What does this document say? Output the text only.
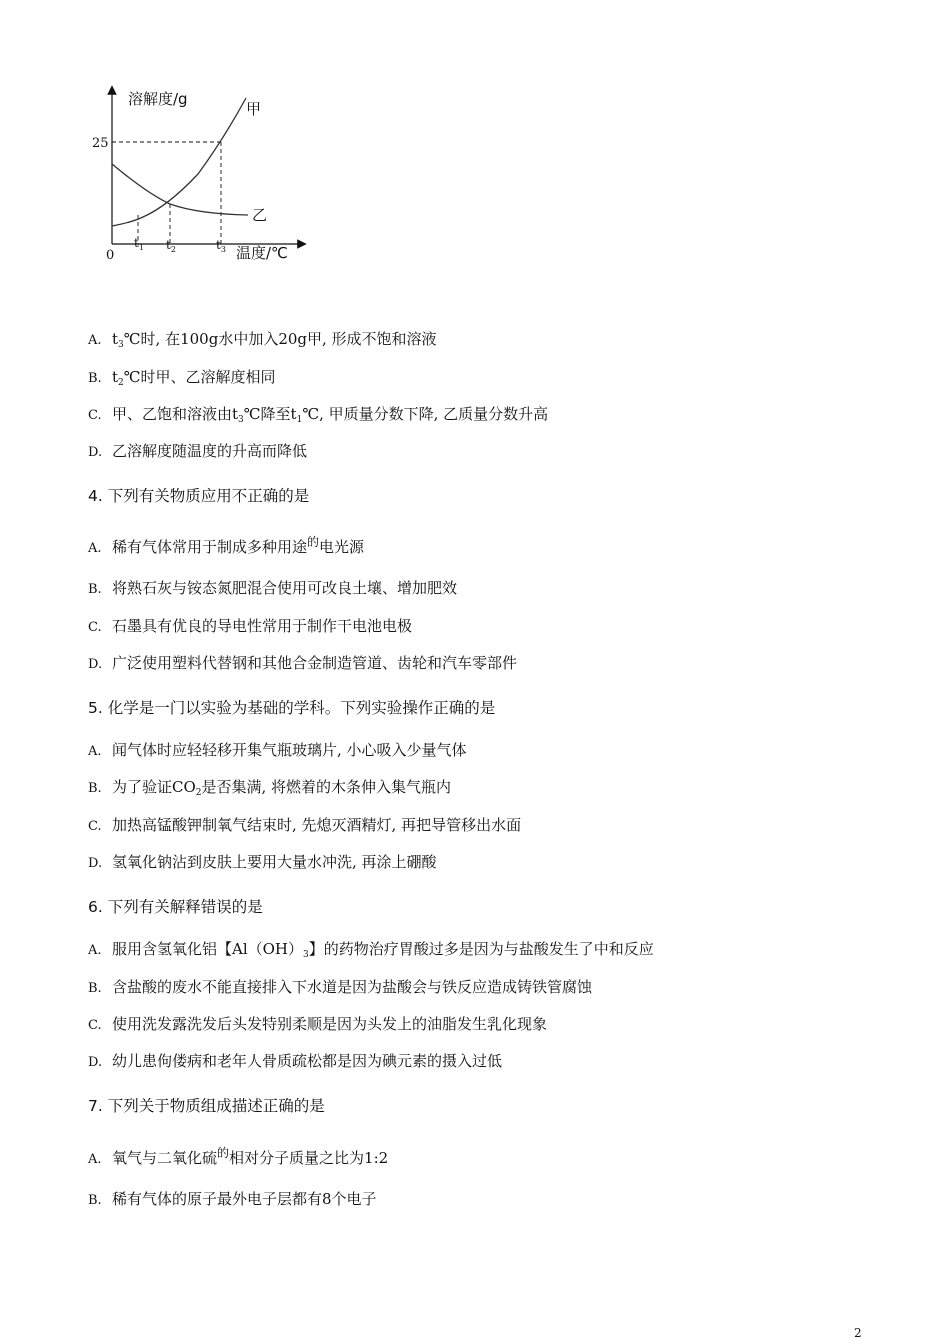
溶解度/g
25
0
甲
乙
$t_1$ $t_2$	$t_3$ 温度/℃
A. $t_3℃$时, 在100g水中加入20g甲, 形成不饱和溶液
B. $t_2℃$时甲、乙溶解度相同
C. 甲、乙饱和溶液由$t_3℃$降至$t_1℃$, 甲质量分数下降, 乙质量分数升高
D. 乙溶解度随温度的升高而降低
4. 下列有关物质应用不正确的是
A. 稀有气体常用于制成多种用途$^的$电光源
B. 将熟石灰与铵态氮肥混合使用可改良土壤、增加肥效
C. 石墨具有优良的导电性常用于制作干电池电极
D. 广泛使用塑料代替钢和其他合金制造管道、齿轮和汽车零部件
5. 化学是一门以实验为基础的学科。下列实验操作正确的是
A. 闻气体时应轻轻移开集气瓶玻璃片, 小心吸入少量气体
B. 为了验证$CO_2$是否集满, 将燃着的木条伸入集气瓶内
C. 加热高锰酸钾制氧气结束时, 先熄灭酒精灯, 再把导管移出水面
D. 氢氧化钠沾到皮肤上要用大量水冲洗, 再涂上硼酸
6. 下列有关解释错误的是
A. 服用含氢氧化铝【$Al(OH)_3$】的药物治疗胃酸过多是因为与盐酸发生了中和反应
B. 含盐酸的废水不能直接排入下水道是因为盐酸会与铁反应造成铸铁管腐蚀
C. 使用洗发露洗发后头发特别柔顺是因为头发上的油脂发生乳化现象
D. 幼儿患佝偻病和老年人骨质疏松都是因为碘元素的摄入过低
7. 下列关于物质组成描述正确的是
A. 氧气与二氧化硫$^的$相对分子质量之比为1:2
B. 稀有气体的原子最外电子层都有8个电子
2
